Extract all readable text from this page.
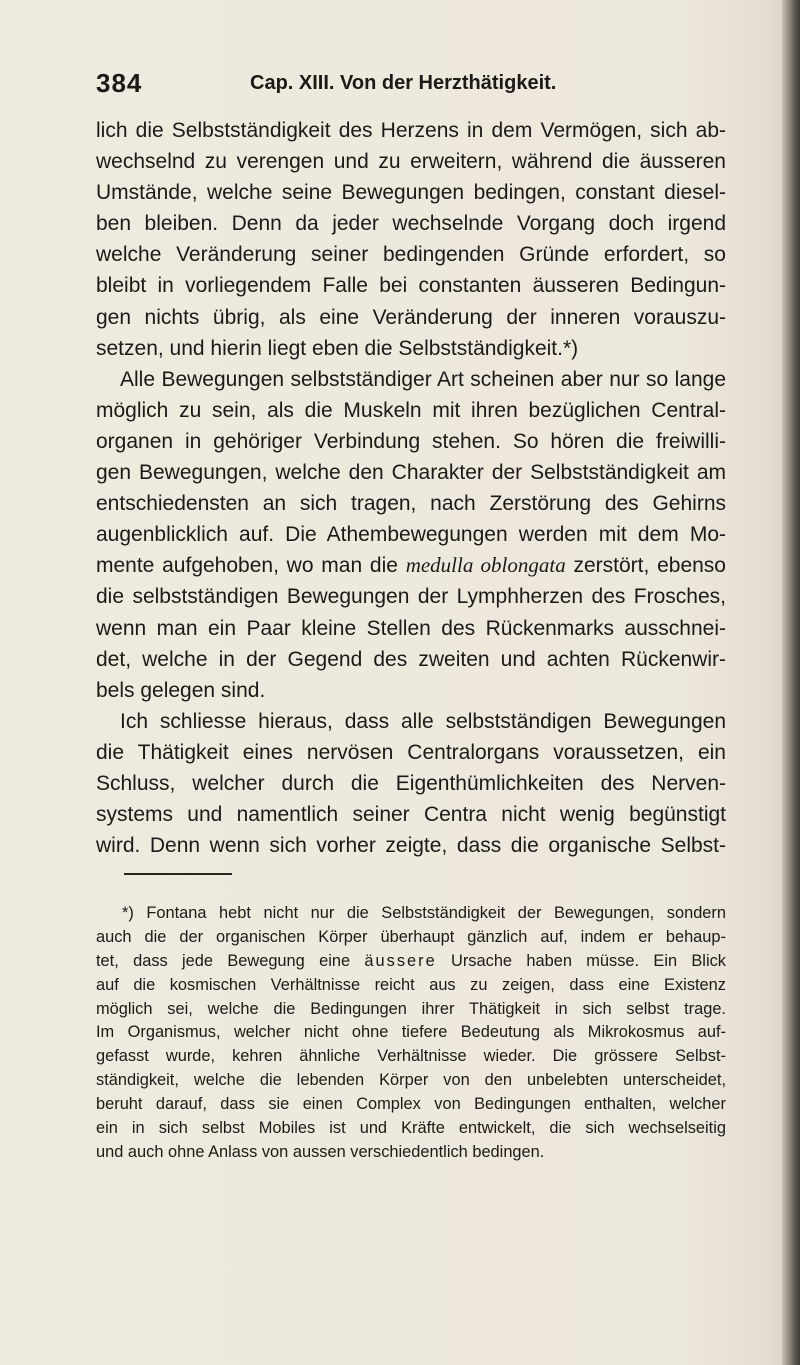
384	Cap. XIII. Von der Herzthätigkeit.
lich die Selbstständigkeit des Herzens in dem Vermögen, sich ab-
wechselnd zu verengen und zu erweitern, während die äusseren
Umstände, welche seine Bewegungen bedingen, constant diesel-
ben bleiben. Denn da jeder wechselnde Vorgang doch irgend
welche Veränderung seiner bedingenden Gründe erfordert, so
bleibt in vorliegendem Falle bei constanten äusseren Bedingun-
gen nichts übrig, als eine Veränderung der inneren vorauszu-
setzen, und hierin liegt eben die Selbstständigkeit.*)
Alle Bewegungen selbstständiger Art scheinen aber nur so lange
möglich zu sein, als die Muskeln mit ihren bezüglichen Central-
organen in gehöriger Verbindung stehen. So hören die freiwilli-
gen Bewegungen, welche den Charakter der Selbstständigkeit am
entschiedensten an sich tragen, nach Zerstörung des Gehirns
augenblicklich auf. Die Athembewegungen werden mit dem Mo-
mente aufgehoben, wo man die medulla oblongata zerstört, ebenso
die selbstständigen Bewegungen der Lymphherzen des Frosches,
wenn man ein Paar kleine Stellen des Rückenmarks ausschnei-
det, welche in der Gegend des zweiten und achten Rückenwir-
bels gelegen sind.
Ich schliesse hieraus, dass alle selbstständigen Bewegungen
die Thätigkeit eines nervösen Centralorgans voraussetzen, ein
Schluss, welcher durch die Eigenthümlichkeiten des Nerven-
systems und namentlich seiner Centra nicht wenig begünstigt
wird. Denn wenn sich vorher zeigte, dass die organische Selbst-
*) Fontana hebt nicht nur die Selbstständigkeit der Bewegungen, sondern
auch die der organischen Körper überhaupt gänzlich auf, indem er behaup-
tet, dass jede Bewegung eine äussere Ursache haben müsse. Ein Blick
auf die kosmischen Verhältnisse reicht aus zu zeigen, dass eine Existenz
möglich sei, welche die Bedingungen ihrer Thätigkeit in sich selbst trage.
Im Organismus, welcher nicht ohne tiefere Bedeutung als Mikrokosmus auf-
gefasst wurde, kehren ähnliche Verhältnisse wieder. Die grössere Selbst-
ständigkeit, welche die lebenden Körper von den unbelebten unterscheidet,
beruht darauf, dass sie einen Complex von Bedingungen enthalten, welcher
ein in sich selbst Mobiles ist und Kräfte entwickelt, die sich wechselseitig
und auch ohne Anlass von aussen verschiedentlich bedingen.
